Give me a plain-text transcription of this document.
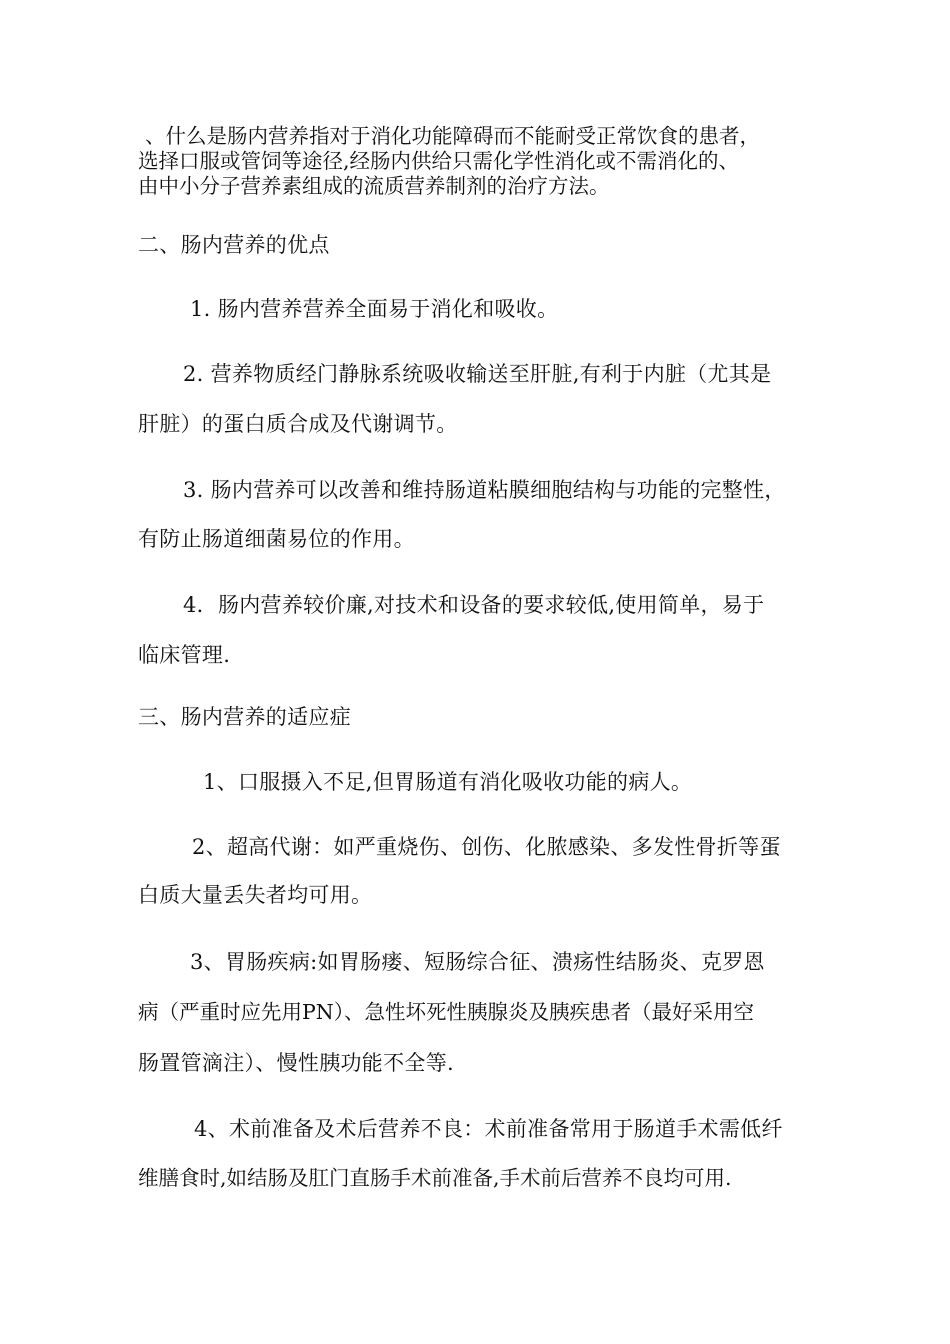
、什么是肠内营养指对于消化功能障碍而不能耐受正常饮食的患者，
选择口服或管饲等途径,经肠内供给只需化学性消化或不需消化的、
由中小分子营养素组成的流质营养制剂的治疗方法。
二、肠内营养的优点
1. 肠内营养营养全面易于消化和吸收。
2. 营养物质经门静脉系统吸收输送至肝脏,有利于内脏（尤其是
肝脏）的蛋白质合成及代谢调节。
3. 肠内营养可以改善和维持肠道粘膜细胞结构与功能的完整性，
有防止肠道细菌易位的作用。
4．肠内营养较价廉,对技术和设备的要求较低,使用简单，易于
临床管理.
三、肠内营养的适应症
1、口服摄入不足,但胃肠道有消化吸收功能的病人。
2、超高代谢：如严重烧伤、创伤、化脓感染、多发性骨折等蛋
白质大量丢失者均可用。
3、胃肠疾病:如胃肠瘘、短肠综合征、溃疡性结肠炎、克罗恩
病（严重时应先用PN）、急性坏死性胰腺炎及胰疾患者（最好采用空
肠置管滴注）、慢性胰功能不全等.
4、术前准备及术后营养不良：术前准备常用于肠道手术需低纤
维膳食时,如结肠及肛门直肠手术前准备,手术前后营养不良均可用.
